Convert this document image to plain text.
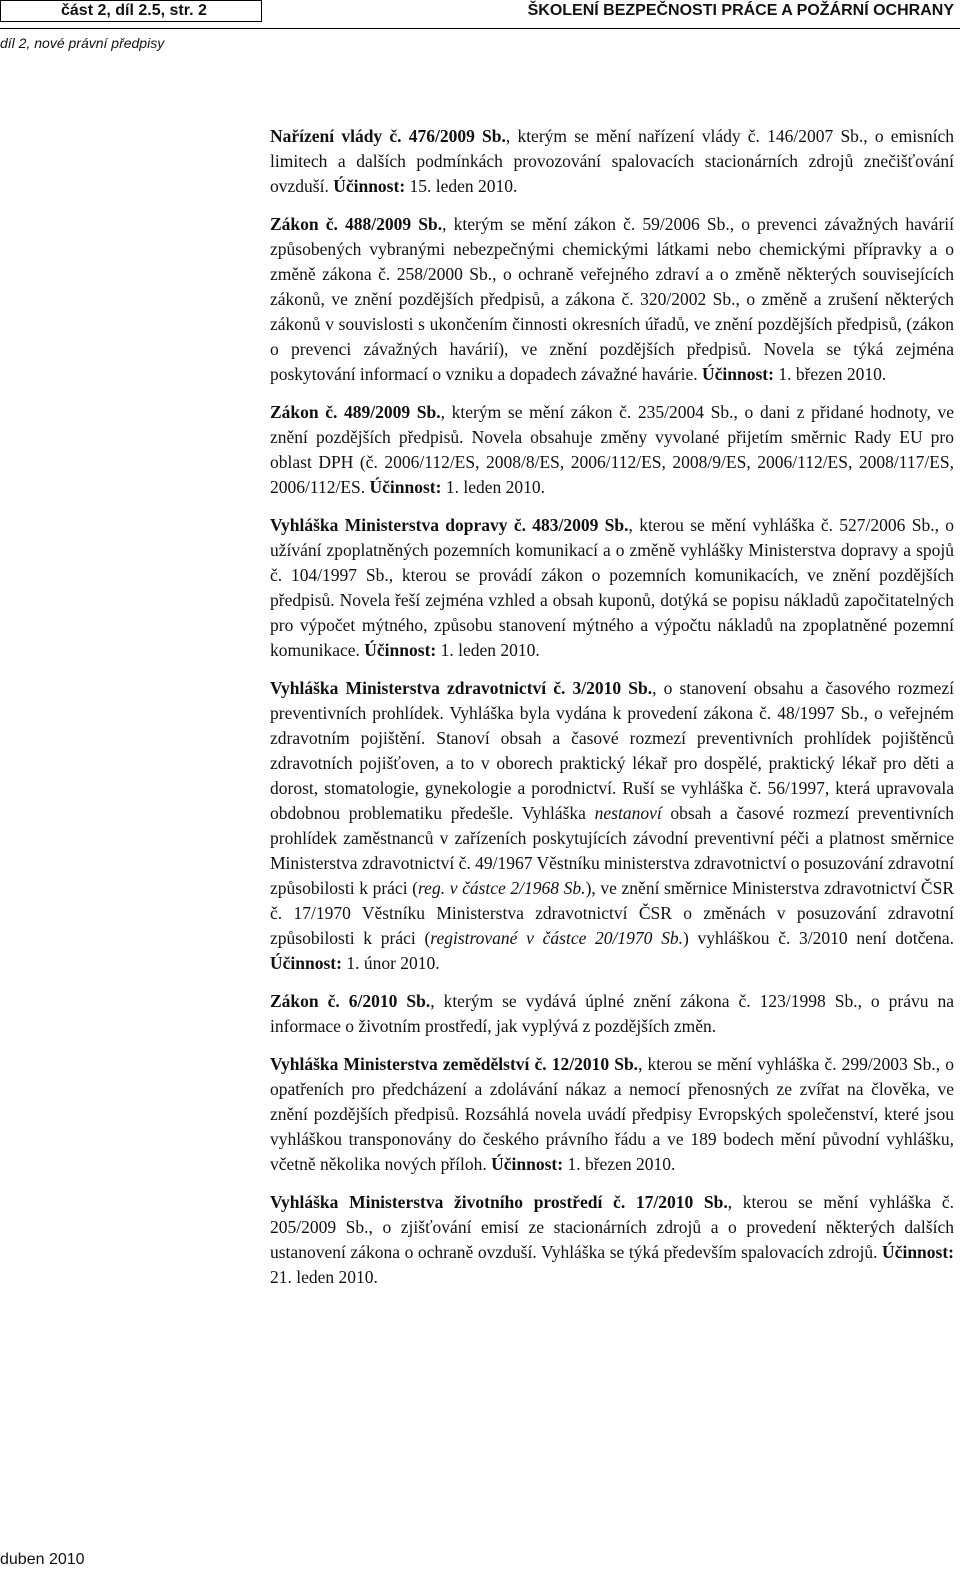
část 2, díl 2.5, str. 2	ŠKOLENÍ BEZPEČNOSTI PRÁCE A POŽÁRNÍ OCHRANY
díl 2, nové právní předpisy

Nařízení vlády č. 476/2009 Sb., kterým se mění nařízení vlády č. 146/2007 Sb., o emisních limitech a dalších podmínkách provozování spalovacích stacionárních zdrojů znečišťování ovzduší. Účinnost: 15. leden 2010.

Zákon č. 488/2009 Sb., kterým se mění zákon č. 59/2006 Sb., o prevenci závažných havárií způsobených vybranými nebezpečnými chemickými látkami nebo chemickými přípravky a o změně zákona č. 258/2000 Sb., o ochraně veřejného zdraví a o změně některých souvisejících zákonů, ve znění pozdějších předpisů, a zákona č. 320/2002 Sb., o změně a zrušení některých zákonů v souvislosti s ukončením činnosti okresních úřadů, ve znění pozdějších předpisů, (zákon o prevenci závažných havárií), ve znění pozdějších předpisů. Novela se týká zejména poskytování informací o vzniku a dopadech závažné havárie. Účinnost: 1. březen 2010.

Zákon č. 489/2009 Sb., kterým se mění zákon č. 235/2004 Sb., o dani z přidané hodnoty, ve znění pozdějších předpisů. Novela obsahuje změny vyvolané přijetím směrnic Rady EU pro oblast DPH (č. 2006/112/ES, 2008/8/ES, 2006/112/ES, 2008/9/ES, 2006/112/ES, 2008/117/ES, 2006/112/ES. Účinnost: 1. leden 2010.

Vyhláška Ministerstva dopravy č. 483/2009 Sb., kterou se mění vyhláška č. 527/2006 Sb., o užívání zpoplatněných pozemních komunikací a o změně vyhlášky Ministerstva dopravy a spojů č. 104/1997 Sb., kterou se provádí zákon o pozemních komunikacích, ve znění pozdějších předpisů. Novela řeší zejména vzhled a obsah kuponů, dotýká se popisu nákladů započitatelných pro výpočet mýtného, způsobu stanovení mýtného a výpočtu nákladů na zpoplatněné pozemní komunikace. Účinnost: 1. leden 2010.

Vyhláška Ministerstva zdravotnictví č. 3/2010 Sb., o stanovení obsahu a časového rozmezí preventivních prohlídek. Vyhláška byla vydána k provedení zákona č. 48/1997 Sb., o veřejném zdravotním pojištění. Stanoví obsah a časové rozmezí preventivních prohlídek pojištěnců zdravotních pojišťoven, a to v oborech praktický lékař pro dospělé, praktický lékař pro děti a dorost, stomatologie, gynekologie a porodnictví. Ruší se vyhláška č. 56/1997, která upravovala obdobnou problematiku předešle. Vyhláška nestanoví obsah a časové rozmezí preventivních prohlídek zaměstnanců v zařízeních poskytujících závodní preventivní péči a platnost směrnice Ministerstva zdravotnictví č. 49/1967 Věstníku ministerstva zdravotnictví o posuzování zdravotní způsobilosti k práci (reg. v částce 2/1968 Sb.), ve znění směrnice Ministerstva zdravotnictví ČSR č. 17/1970 Věstníku Ministerstva zdravotnictví ČSR o změnách v posuzování zdravotní způsobilosti k práci (registrované v částce 20/1970 Sb.) vyhláškou č. 3/2010 není dotčena. Účinnost: 1. únor 2010.

Zákon č. 6/2010 Sb., kterým se vydává úplné znění zákona č. 123/1998 Sb., o právu na informace o životním prostředí, jak vyplývá z pozdějších změn.

Vyhláška Ministerstva zemědělství č. 12/2010 Sb., kterou se mění vyhláška č. 299/2003 Sb., o opatřeních pro předcházení a zdolávání nákaz a nemocí přenosných ze zvířat na člověka, ve znění pozdějších předpisů. Rozsáhlá novela uvádí předpisy Evropských společenství, které jsou vyhláškou transponovány do českého právního řádu a ve 189 bodech mění původní vyhlášku, včetně několika nových příloh. Účinnost: 1. březen 2010.

Vyhláška Ministerstva životního prostředí č. 17/2010 Sb., kterou se mění vyhláška č. 205/2009 Sb., o zjišťování emisí ze stacionárních zdrojů a o provedení některých dalších ustanovení zákona o ochraně ovzduší. Vyhláška se týká především spalovacích zdrojů. Účinnost: 21. leden 2010.

duben 2010
